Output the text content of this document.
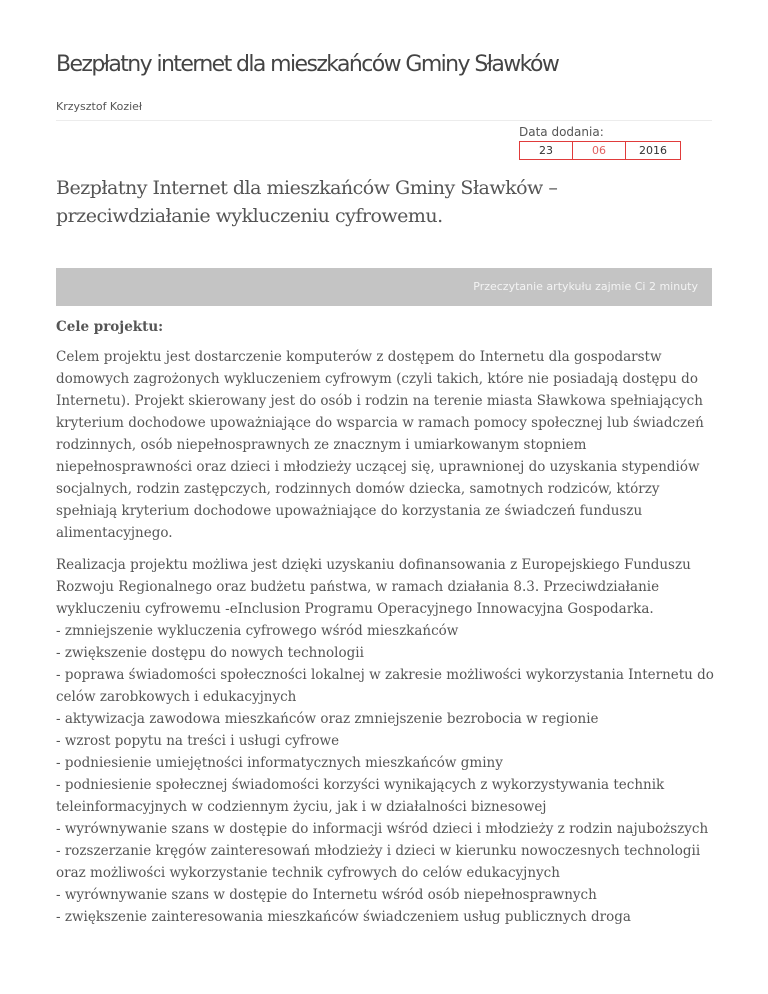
Bezpłatny internet dla mieszkańców Gminy Sławków
Krzysztof Kozieł
Data dodania:
23	06	2016
Bezpłatny Internet dla mieszkańców Gminy Sławków – przeciwdziałanie wykluczeniu cyfrowemu.
Przeczytanie artykułu zajmie Ci 2 minuty

Cele projektu:

Celem projektu jest dostarczenie komputerów z dostępem do Internetu dla gospodarstw domowych zagrożonych wykluczeniem cyfrowym (czyli takich, które nie posiadają dostępu do Internetu). Projekt skierowany jest do osób i rodzin na terenie miasta Sławkowa spełniających kryterium dochodowe upoważniające do wsparcia w ramach pomocy społecznej lub świadczeń rodzinnych, osób niepełnosprawnych ze znacznym i umiarkowanym stopniem niepełnosprawności oraz dzieci i młodzieży uczącej się, uprawnionej do uzyskania stypendiów socjalnych, rodzin zastępczych, rodzinnych domów dziecka, samotnych rodziców, którzy spełniają kryterium dochodowe upoważniające do korzystania ze świadczeń funduszu alimentacyjnego.

Realizacja projektu możliwa jest dzięki uzyskaniu dofinansowania z Europejskiego Funduszu Rozwoju Regionalnego oraz budżetu państwa, w ramach działania 8.3. Przeciwdziałanie wykluczeniu cyfrowemu -eInclusion Programu Operacyjnego Innowacyjna Gospodarka.
- zmniejszenie wykluczenia cyfrowego wśród mieszkańców
- zwiększenie dostępu do nowych technologii
- poprawa świadomości społeczności lokalnej w zakresie możliwości wykorzystania Internetu do celów zarobkowych i edukacyjnych
- aktywizacja zawodowa mieszkańców oraz zmniejszenie bezrobocia w regionie
- wzrost popytu na treści i usługi cyfrowe
- podniesienie umiejętności informatycznych mieszkańców gminy
- podniesienie społecznej świadomości korzyści wynikających z wykorzystywania technik teleinformacyjnych w codziennym życiu, jak i w działalności biznesowej
- wyrównywanie szans w dostępie do informacji wśród dzieci i młodzieży z rodzin najuboższych
- rozszerzanie kręgów zainteresowań młodzieży i dzieci w kierunku nowoczesnych technologii oraz możliwości wykorzystanie technik cyfrowych do celów edukacyjnych
- wyrównywanie szans w dostępie do Internetu wśród osób niepełnosprawnych
- zwiększenie zainteresowania mieszkańców świadczeniem usług publicznych droga
